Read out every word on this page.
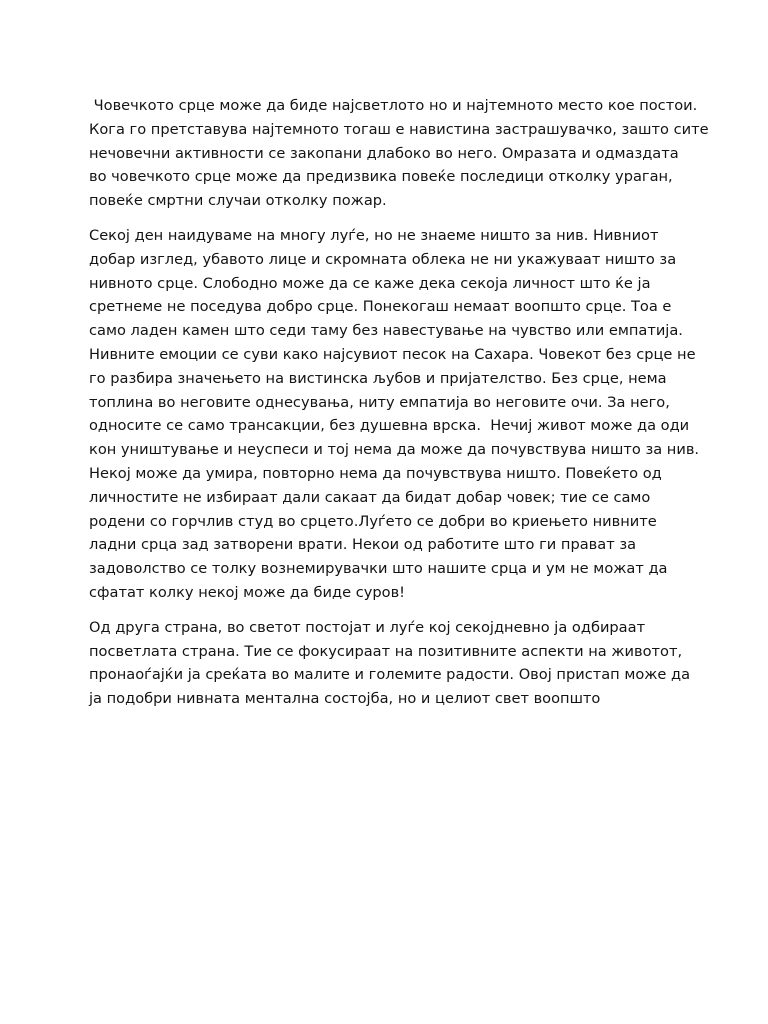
Човечкото срце може да биде најсветлото но и најтемното место кое постои.
Кога го претставува најтемното тогаш е навистина застрашувачко, зашто сите
нечовечни активности се закопани длабоко во него. Омразата и одмаздата
во човечкото срце може да предизвика повеќе последици отколку ураган,
повеќе смртни случаи отколку пожар.

Секој ден наидуваме на многу луѓе, но не знаеме ништо за нив. Нивниот
добар изглед, убавото лице и скромната облека не ни укажуваат ништо за
нивното срце. Слободно може да се каже дека секоја личност што ќе ја
сретнеме не поседува добро срце. Понекогаш немаат воопшто срце. Тоа е
само ладен камен што седи таму без навестување на чувство или емпатија.
Нивните емоции се суви како најсувиот песок на Сахара. Човекот без срце не
го разбира значењето на вистинска љубов и пријателство. Без срце, нема
топлина во неговите однесувања, ниту емпатија во неговите очи. За него,
односите се само трансакции, без душевна врска.  Нечиј живот може да оди
кон уништување и неуспеси и тој нема да може да почувствува ништо за нив.
Некој може да умира, повторно нема да почувствува ништо. Повеќето од
личностите не избираат дали сакаат да бидат добар човек; тие се само
родени со горчлив студ во срцето.Луѓето се добри во криењето нивните
ладни срца зад затворени врати. Некои од работите што ги прават за
задоволство се толку вознемирувачки што нашите срца и ум не можат да
сфатат колку некој може да биде суров!

Од друга страна, во светот постојат и луѓе кој секојдневно ја одбираат
посветлата страна. Тие се фокусираат на позитивните аспекти на животот,
пронаоѓајќи ја среќата во малите и големите радости. Овој пристап може да
ја подобри нивната ментална состојба, но и целиот свет воопшто
